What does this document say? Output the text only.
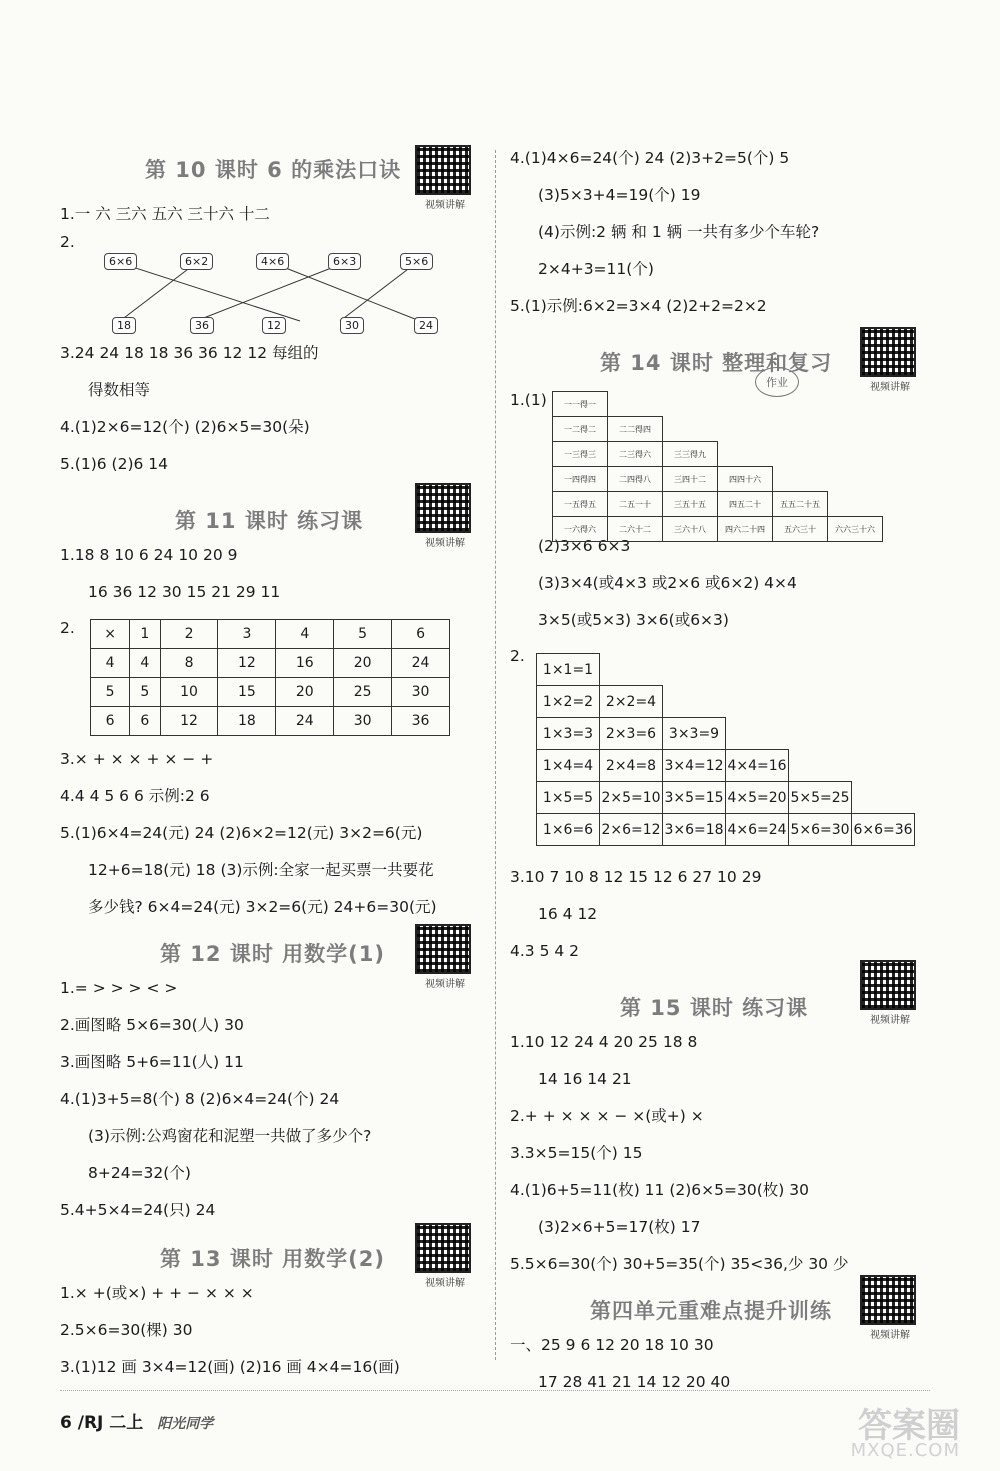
第 10 课时 6 的乘法口诀
视频讲解
1.一 六 三六 五六 三十六 十二
2.
6×6	6×2	4×6	6×3	5×6
18	36	12	30	24
3.24 24 18 18 36 36 12 12 每组的
得数相等
4.(1)2×6=12(个) (2)6×5=30(朵)
5.(1)6 (2)6 14
第 11 课时 练习课
视频讲解
1.18 8 10 6 24 10 20 9
16 36 12 30 15 21 29 11
2. ×	1	2	3	4	5	6
4	4	8	12	16	20	24
5	5	10	15	20	25	30
6	6	12	18	24	30	36
3.× + × × + × − +
4.4 4 5 6 6 示例:2 6
5.(1)6×4=24(元) 24 (2)6×2=12(元) 3×2=6(元)
12+6=18(元) 18 (3)示例:全家一起买票一共要花
多少钱? 6×4=24(元) 3×2=6(元) 24+6=30(元)
第 12 课时 用数学(1)
视频讲解
1.= > > > < >
2.画图略 5×6=30(人) 30
3.画图略 5+6=11(人) 11
4.(1)3+5=8(个) 8 (2)6×4=24(个) 24
(3)示例:公鸡窗花和泥塑一共做了多少个?
8+24=32(个)
5.4+5×4=24(只) 24
第 13 课时 用数学(2)
视频讲解
1.× +(或×) + + − × × ×
2.5×6=30(棵) 30
3.(1)12 画 3×4=12(画) (2)16 画 4×4=16(画)
4.(1)4×6=24(个) 24 (2)3+2=5(个) 5
(3)5×3+4=19(个) 19
(4)示例:2 辆 和 1 辆 一共有多少个车轮?
2×4+3=11(个)
5.(1)示例:6×2=3×4 (2)2+2=2×2
第 14 课时 整理和复习
作业	视频讲解
1.(1) 一一得一					
一二得二	二二得四				
一三得三	二三得六	三三得九			
一四得四	二四得八	三四十二	四四十六		
一五得五	二五一十	三五十五	四五二十	五五二十五	
一六得六	二六十二	三六十八	四六二十四	五六三十	六六三十六
(2)3×6 6×3
(3)3×4(或4×3 或2×6 或6×2) 4×4
3×5(或5×3) 3×6(或6×3)
2.
1×1=1					
1×2=2	2×2=4				
1×3=3	2×3=6	3×3=9			
1×4=4	2×4=8	3×4=12	4×4=16		
1×5=5	2×5=10	3×5=15	4×5=20	5×5=25	
1×6=6	2×6=12	3×6=18	4×6=24	5×6=30	6×6=36
3.10 7 10 8 12 15 12 6 27 10 29
16 4 12
4.3 5 4 2
第 15 课时 练习课
视频讲解
1.10 12 24 4 20 25 18 8
14 16 14 21
2.+ + × × × − ×(或+) ×
3.3×5=15(个) 15
4.(1)6+5=11(枚) 11 (2)6×5=30(枚) 30
(3)2×6+5=17(枚) 17
5.5×6=30(个) 30+5=35(个) 35<36,少 30 少
第四单元重难点提升训练
视频讲解
一、25 9 6 12 20 18 10 30
17 28 41 21 14 12 20 40
6 /RJ 二上 阳光同学	答案圈
MXQE.COM
